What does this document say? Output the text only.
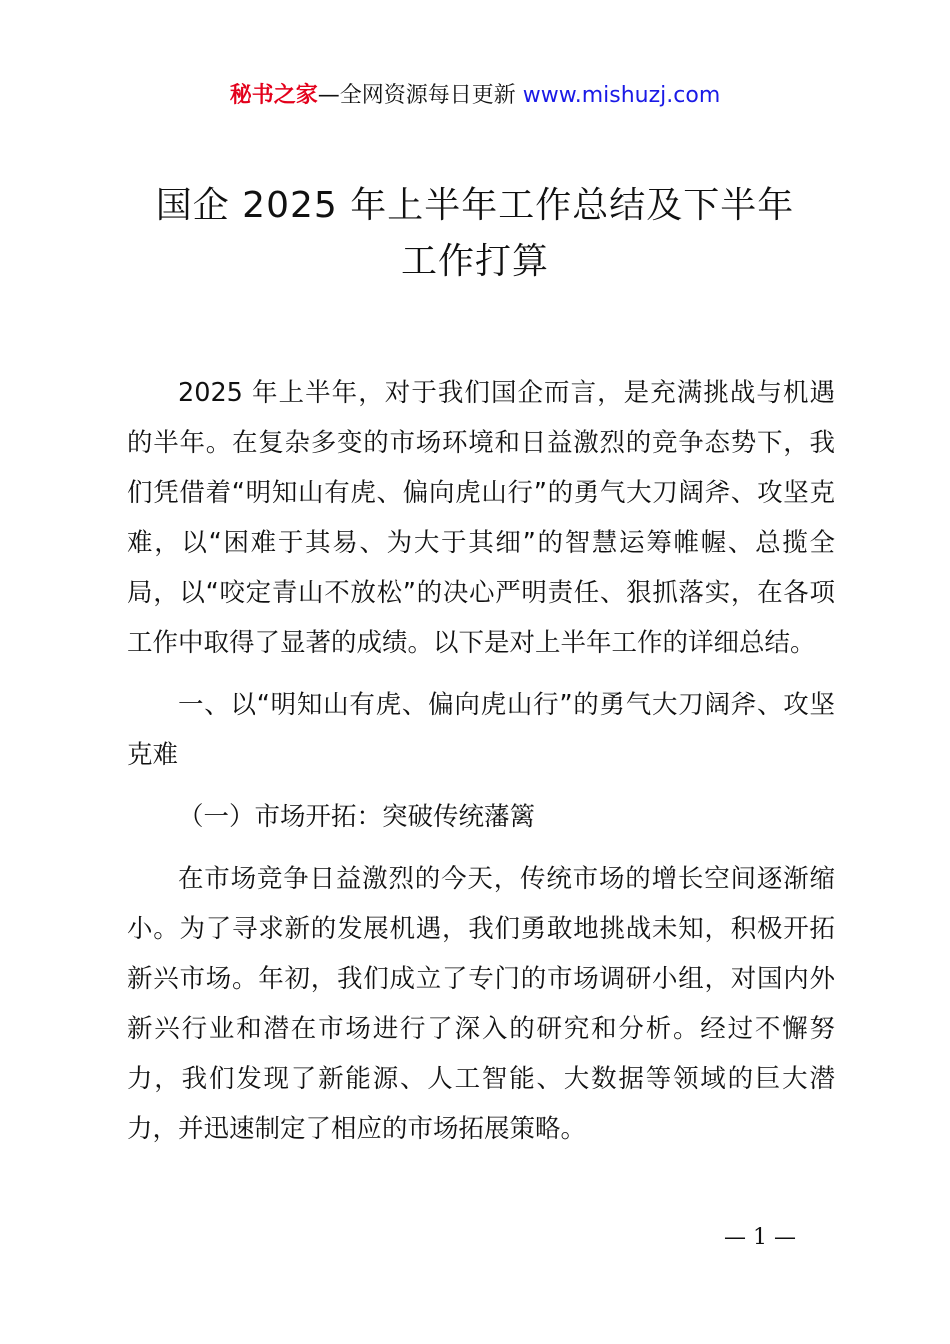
秘书之家—全网资源每日更新 www.mishuzj.com
国企 2025 年上半年工作总结及下半年
工作打算

2025 年上半年，对于我们国企而言，是充满挑战与机遇的半年。在复杂多变的市场环境和日益激烈的竞争态势下，我们凭借着“明知山有虎、偏向虎山行”的勇气大刀阔斧、攻坚克难，以“困难于其易、为大于其细”的智慧运筹帷幄、总揽全局，以“咬定青山不放松”的决心严明责任、狠抓落实，在各项工作中取得了显著的成绩。以下是对上半年工作的详细总结。

一、以“明知山有虎、偏向虎山行”的勇气大刀阔斧、攻坚克难

（一）市场开拓：突破传统藩篱

在市场竞争日益激烈的今天，传统市场的增长空间逐渐缩小。为了寻求新的发展机遇，我们勇敢地挑战未知，积极开拓新兴市场。年初，我们成立了专门的市场调研小组，对国内外新兴行业和潜在市场进行了深入的研究和分析。经过不懈努力，我们发现了新能源、人工智能、大数据等领域的巨大潜力，并迅速制定了相应的市场拓展策略。

— 1 —
